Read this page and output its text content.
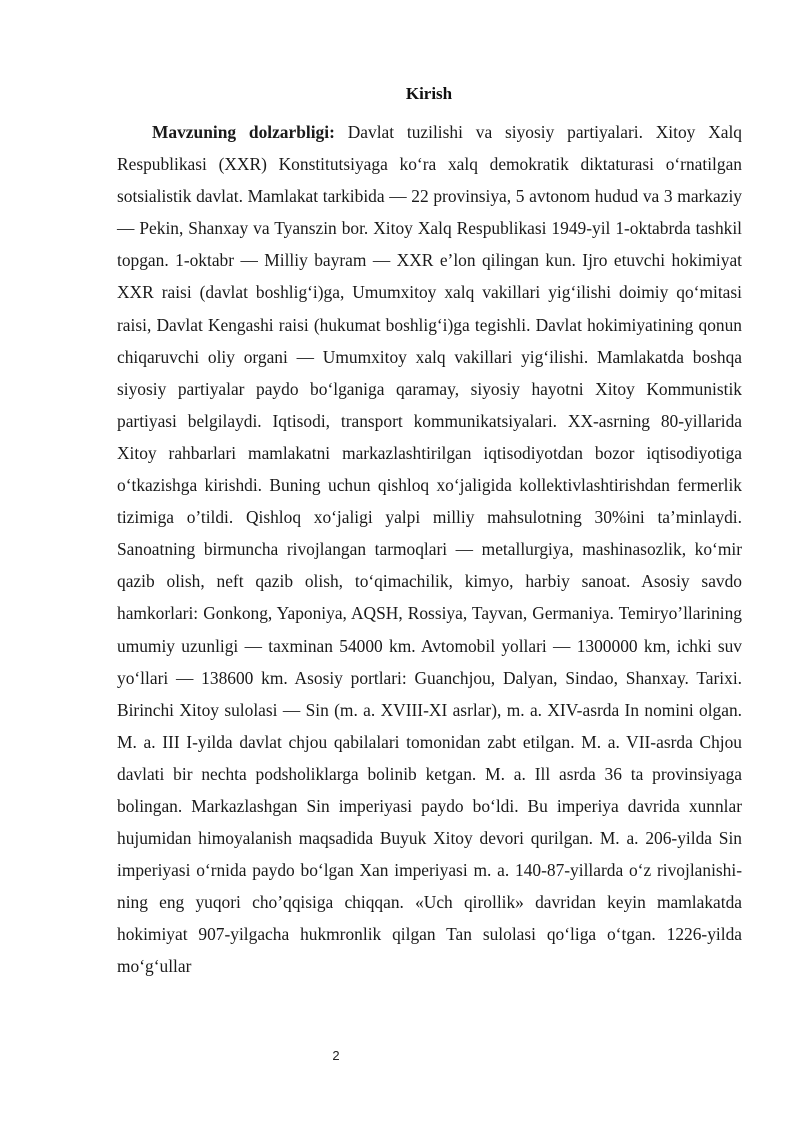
Kirish

Mavzuning dolzarbligi: Davlat tuzilishi va siyosiy partiyalari. Xitoy Xalq Respublikasi (XXR) Konstitutsiyaga ko‘ra xalq demokratik diktaturasi o‘rnatilgan sotsialistik davlat. Mamlakat tarkibida — 22 provinsiya, 5 avtonom hudud va 3 markaziy — Pekin, Shanxay va Tyanszin bor. Xitoy Xalq Respublikasi 1949-yil 1-oktabrda tashkil topgan. 1-oktabr — Milliy bayram — XXR e’lon qilingan kun. Ijro etuvchi hokimiyat XXR raisi (davlat boshlig‘i)ga, Umumxitoy xalq vakillari yig‘ilishi doimiy qo‘mitasi raisi, Davlat Kengashi raisi (hukumat boshlig‘i)ga tegishli. Davlat hokimiyatining qonun chiqaruvchi oliy organi — Umumxitoy xalq vakillari yig‘ilishi. Mamlakatda boshqa siyosiy partiyalar paydo bo‘lganiga qaramay, siyosiy hayotni Xitoy Kommunistik partiyasi belgilaydi. Iqtisodi, transport kommunikatsiyalari. XX-asrning 80-yillarida Xitoy rahbarlari mamlakatni markazlashtirilgan iqtisodiyotdan bozor iqtisodiyotiga o‘tkazishga kirishdi. Buning uchun qishloq xo‘jaligida kollektivlashtirishdan fermerlik tizimiga o’tildi. Qishloq xo‘jaligi yalpi milliy mahsulotning 30%ini ta’minlaydi. Sanoatning birmuncha rivojlangan tarmoqlari — metallurgiya, mashinasozlik, ko‘mir qazib olish, neft qazib olish, to‘qimachilik, kimyo, harbiy sanoat. Asosiy savdo hamkorlari: Gonkong, Yaponiya, AQSH, Rossiya, Tayvan, Germaniya. Temiryo’llarining umumiy uzunligi — taxminan 54000 km. Avtomobil yollari — 1300000 km, ichki suv yo‘llari — 138600 km. Asosiy portlari: Guanchjou, Dalyan, Sindao, Shanxay. Tarixi. Birinchi Xitoy sulolasi — Sin (m. a. XVIII-XI asrlar), m. a. XIV-asrda In nomini olgan. M. a. III I-yilda davlat chjou qabilalari tomonidan zabt etilgan. M. a. VII-asrda Chjou davlati bir nechta podsholiklarga bolinib ketgan. M. a. Ill asrda 36 ta provinsiyaga bolingan. Markazlashgan Sin imperiyasi paydo bo‘ldi. Bu imperiya davrida xunnlar hujumidan himoyalanish maqsadida Buyuk Xitoy devori qurilgan. M. a. 206-yilda Sin imperiyasi o‘rnida paydo bo‘lgan Xan imperiyasi m. a. 140-87-yillarda o‘z rivojlanishi- ning eng yuqori cho’qqisiga chiqqan. «Uch qirollik» davridan keyin mamlakatda hokimiyat 907-yilgacha hukmronlik qilgan Tan sulolasi qo‘liga o‘tgan. 1226-yilda mo‘g‘ullar

2
